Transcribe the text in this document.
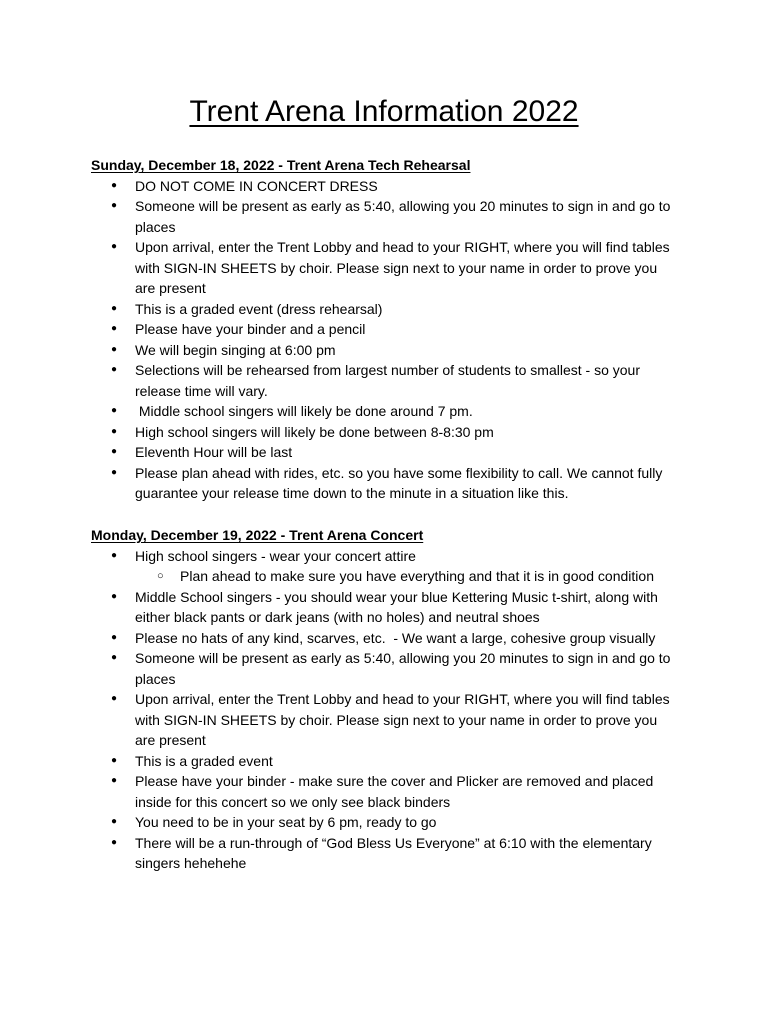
Trent Arena Information 2022

Sunday, December 18, 2022 - Trent Arena Tech Rehearsal

● DO NOT COME IN CONCERT DRESS
● Someone will be present as early as 5:40, allowing you 20 minutes to sign in and go to places
● Upon arrival, enter the Trent Lobby and head to your RIGHT, where you will find tables with SIGN-IN SHEETS by choir. Please sign next to your name in order to prove you are present
● This is a graded event (dress rehearsal)
● Please have your binder and a pencil
● We will begin singing at 6:00 pm
● Selections will be rehearsed from largest number of students to smallest - so your release time will vary.
●  Middle school singers will likely be done around 7 pm.
● High school singers will likely be done between 8-8:30 pm
● Eleventh Hour will be last
● Please plan ahead with rides, etc. so you have some flexibility to call. We cannot fully guarantee your release time down to the minute in a situation like this.

Monday, December 19, 2022 - Trent Arena Concert

● High school singers - wear your concert attire
○ Plan ahead to make sure you have everything and that it is in good condition
● Middle School singers - you should wear your blue Kettering Music t-shirt, along with either black pants or dark jeans (with no holes) and neutral shoes
● Please no hats of any kind, scarves, etc.  - We want a large, cohesive group visually
● Someone will be present as early as 5:40, allowing you 20 minutes to sign in and go to places
● Upon arrival, enter the Trent Lobby and head to your RIGHT, where you will find tables with SIGN-IN SHEETS by choir. Please sign next to your name in order to prove you are present
● This is a graded event
● Please have your binder - make sure the cover and Plicker are removed and placed inside for this concert so we only see black binders
● You need to be in your seat by 6 pm, ready to go
● There will be a run-through of “God Bless Us Everyone” at 6:10 with the elementary singers hehehehe
